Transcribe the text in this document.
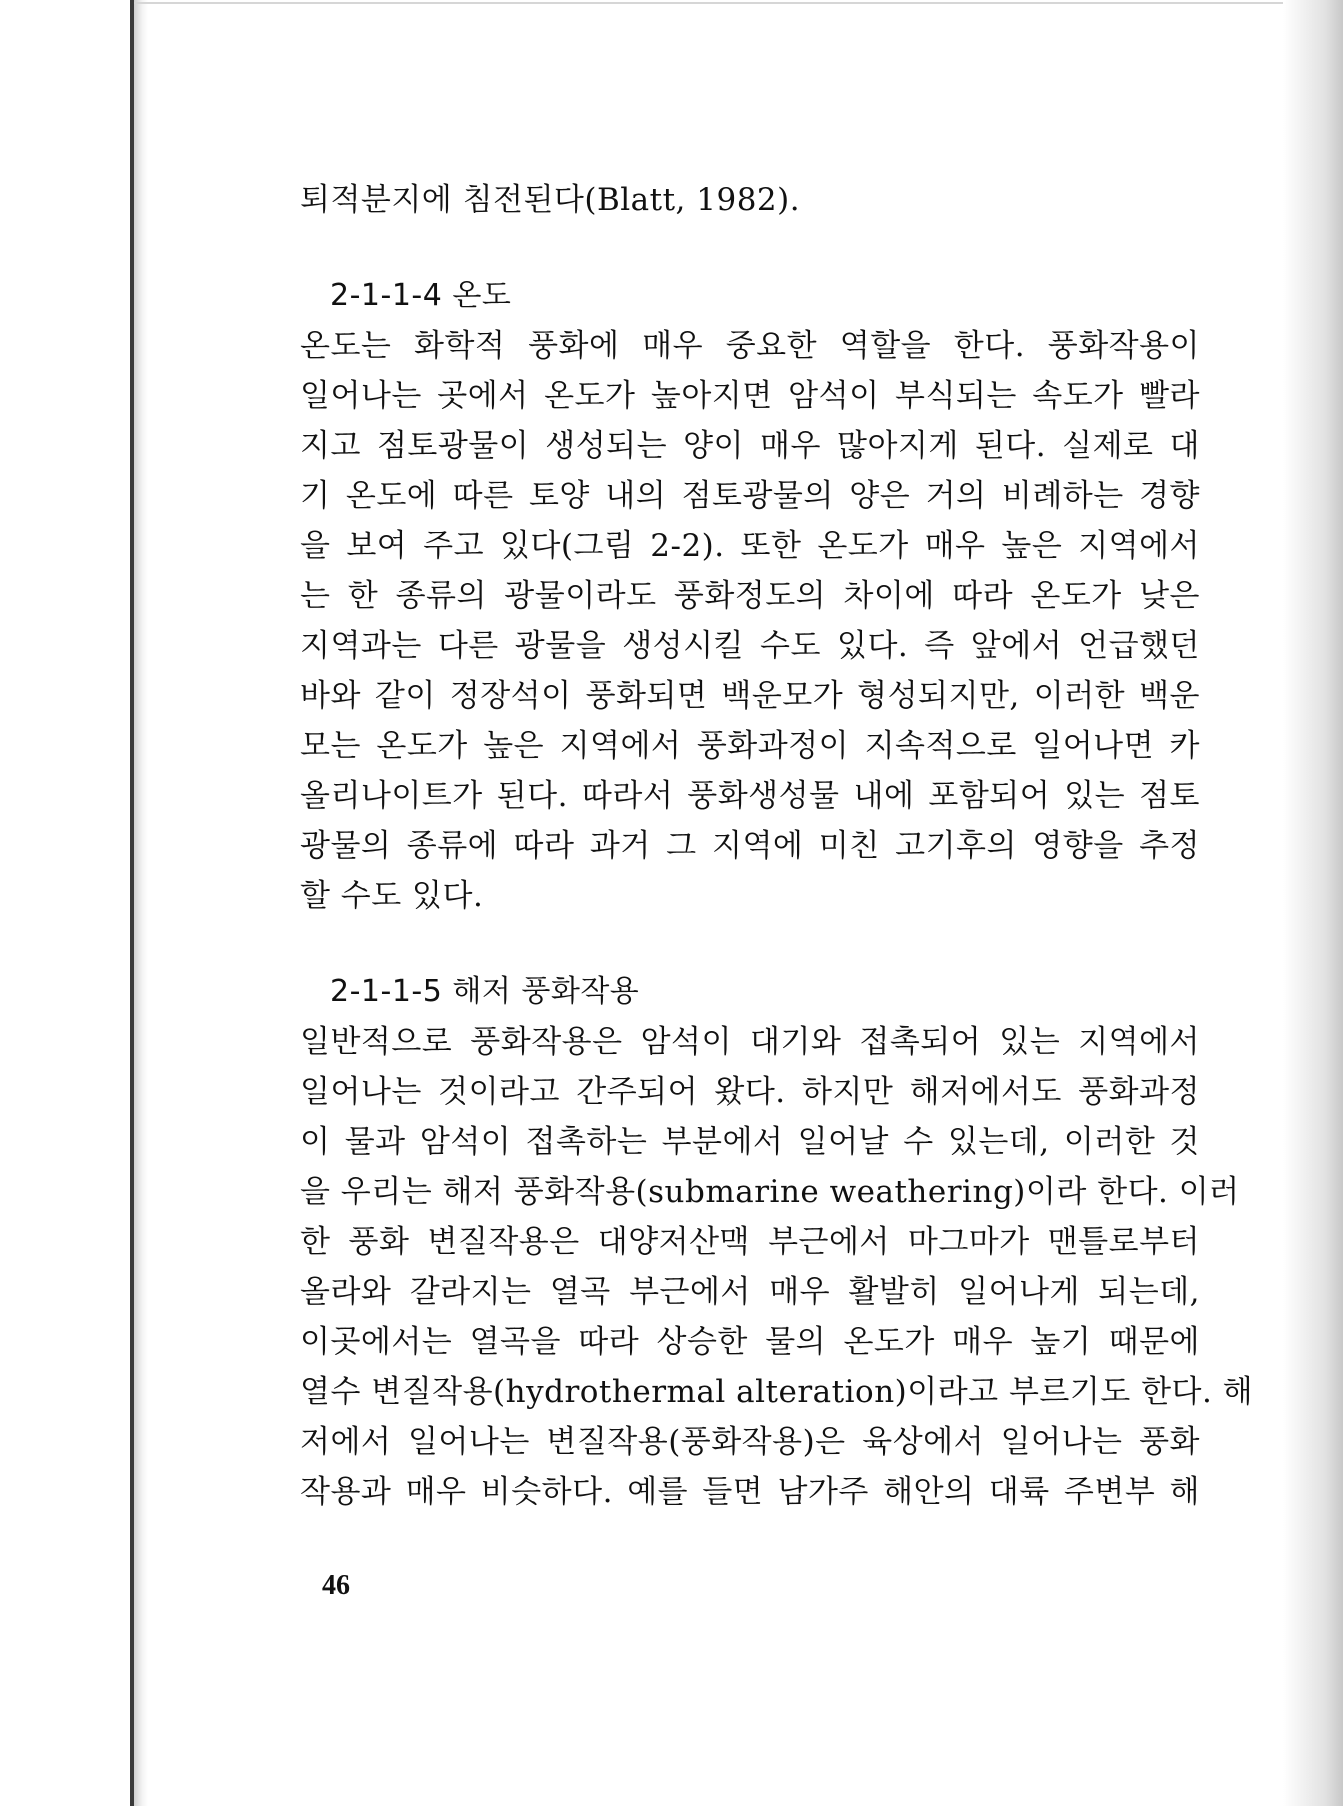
퇴적분지에 침전된다(Blatt, 1982).
2-1-1-4 온도
온도는 화학적 풍화에 매우 중요한 역할을 한다. 풍화작용이
일어나는 곳에서 온도가 높아지면 암석이 부식되는 속도가 빨라
지고 점토광물이 생성되는 양이 매우 많아지게 된다. 실제로 대
기 온도에 따른 토양 내의 점토광물의 양은 거의 비례하는 경향
을 보여 주고 있다(그림 2-2). 또한 온도가 매우 높은 지역에서
는 한 종류의 광물이라도 풍화정도의 차이에 따라 온도가 낮은
지역과는 다른 광물을 생성시킬 수도 있다. 즉 앞에서 언급했던
바와 같이 정장석이 풍화되면 백운모가 형성되지만, 이러한 백운
모는 온도가 높은 지역에서 풍화과정이 지속적으로 일어나면 카
올리나이트가 된다. 따라서 풍화생성물 내에 포함되어 있는 점토
광물의 종류에 따라 과거 그 지역에 미친 고기후의 영향을 추정
할 수도 있다.
2-1-1-5 해저 풍화작용
일반적으로 풍화작용은 암석이 대기와 접촉되어 있는 지역에서
일어나는 것이라고 간주되어 왔다. 하지만 해저에서도 풍화과정
이 물과 암석이 접촉하는 부분에서 일어날 수 있는데, 이러한 것
을 우리는 해저 풍화작용(submarine weathering)이라 한다. 이러
한 풍화 변질작용은 대양저산맥 부근에서 마그마가 맨틀로부터
올라와 갈라지는 열곡 부근에서 매우 활발히 일어나게 되는데,
이곳에서는 열곡을 따라 상승한 물의 온도가 매우 높기 때문에
열수 변질작용(hydrothermal alteration)이라고 부르기도 한다. 해
저에서 일어나는 변질작용(풍화작용)은 육상에서 일어나는 풍화
작용과 매우 비슷하다. 예를 들면 남가주 해안의 대륙 주변부 해
46
